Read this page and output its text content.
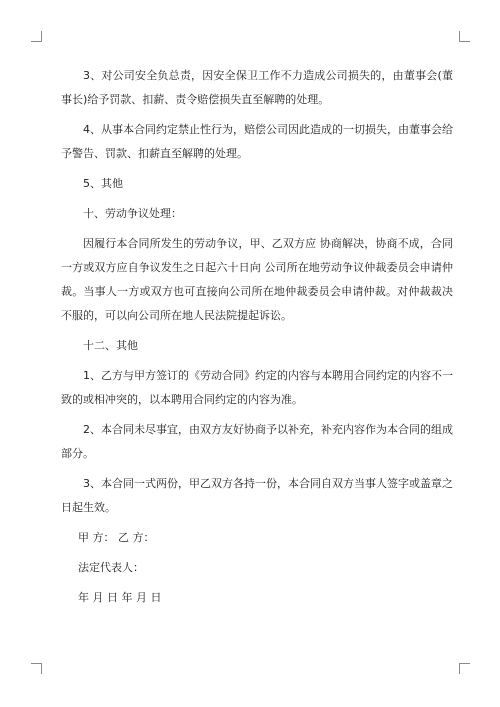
3、对公司安全负总责，因安全保卫工作不力造成公司损失的，由董事会(董事长)给予罚款、扣薪、责令赔偿损失直至解聘的处理。

4、从事本合同约定禁止性行为，赔偿公司因此造成的一切损失，由董事会给予警告、罚款、扣薪直至解聘的处理。

5、其他

十、劳动争议处理：

因履行本合同所发生的劳动争议，甲、乙双方应 协商解决，协商不成，合同一方或双方应自争议发生之日起六十日向 公司所在地劳动争议仲裁委员会申请仲裁。当事人一方或双方也可直接向公司所在地仲裁委员会申请仲裁。对仲裁裁决不服的，可以向公司所在地人民法院提起诉讼。

十二、其他

1、乙方与甲方签订的《劳动合同》约定的内容与本聘用合同约定的内容不一致的或相冲突的，以本聘用合同约定的内容为准。

2、本合同未尽事宜，由双方友好协商予以补充，补充内容作为本合同的组成部分。

3、本合同一式两份，甲乙双方各持一份，本合同自双方当事人签字或盖章之日起生效。

甲 方： 乙 方：

法定代表人：

年 月 日 年 月 日
